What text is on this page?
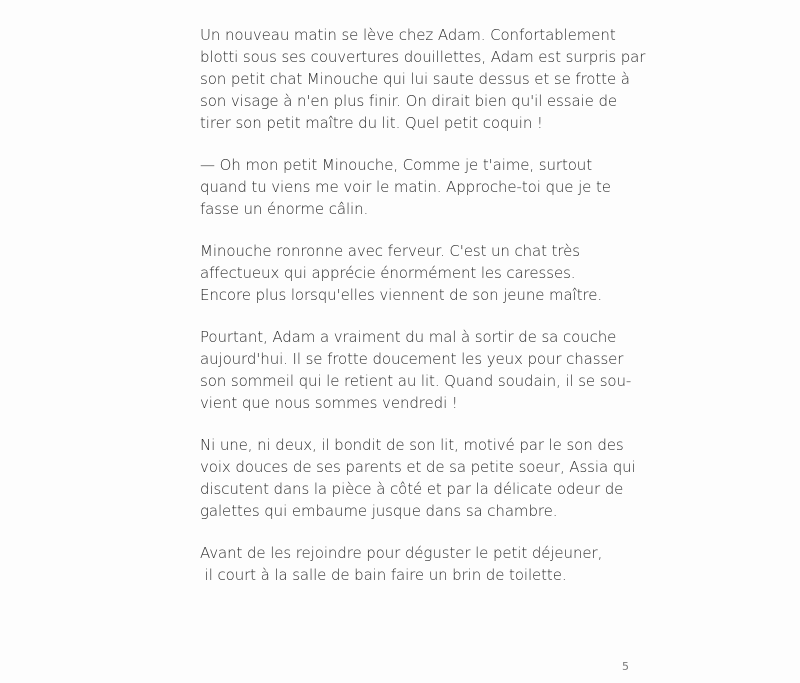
Un nouveau matin se lève chez Adam. Confortablement
blotti sous ses couvertures douillettes, Adam est surpris par
son petit chat Minouche qui lui saute dessus et se frotte à
son visage à n'en plus finir. On dirait bien qu'il essaie de
tirer son petit maître du lit. Quel petit coquin !

— Oh mon petit Minouche, Comme je t'aime, surtout
quand tu viens me voir le matin. Approche-toi que je te
fasse un énorme câlin.

Minouche ronronne avec ferveur. C'est un chat très
affectueux qui apprécie énormément les caresses.
Encore plus lorsqu'elles viennent de son jeune maître.

Pourtant, Adam a vraiment du mal à sortir de sa couche
aujourd'hui. Il se frotte doucement les yeux pour chasser
son sommeil qui le retient au lit. Quand soudain, il se sou-
vient que nous sommes vendredi !

Ni une, ni deux, il bondit de son lit, motivé par le son des
voix douces de ses parents et de sa petite soeur, Assia qui
discutent dans la pièce à côté et par la délicate odeur de
galettes qui embaume jusque dans sa chambre.

Avant de les rejoindre pour déguster le petit déjeuner,
il court à la salle de bain faire un brin de toilette.

5
